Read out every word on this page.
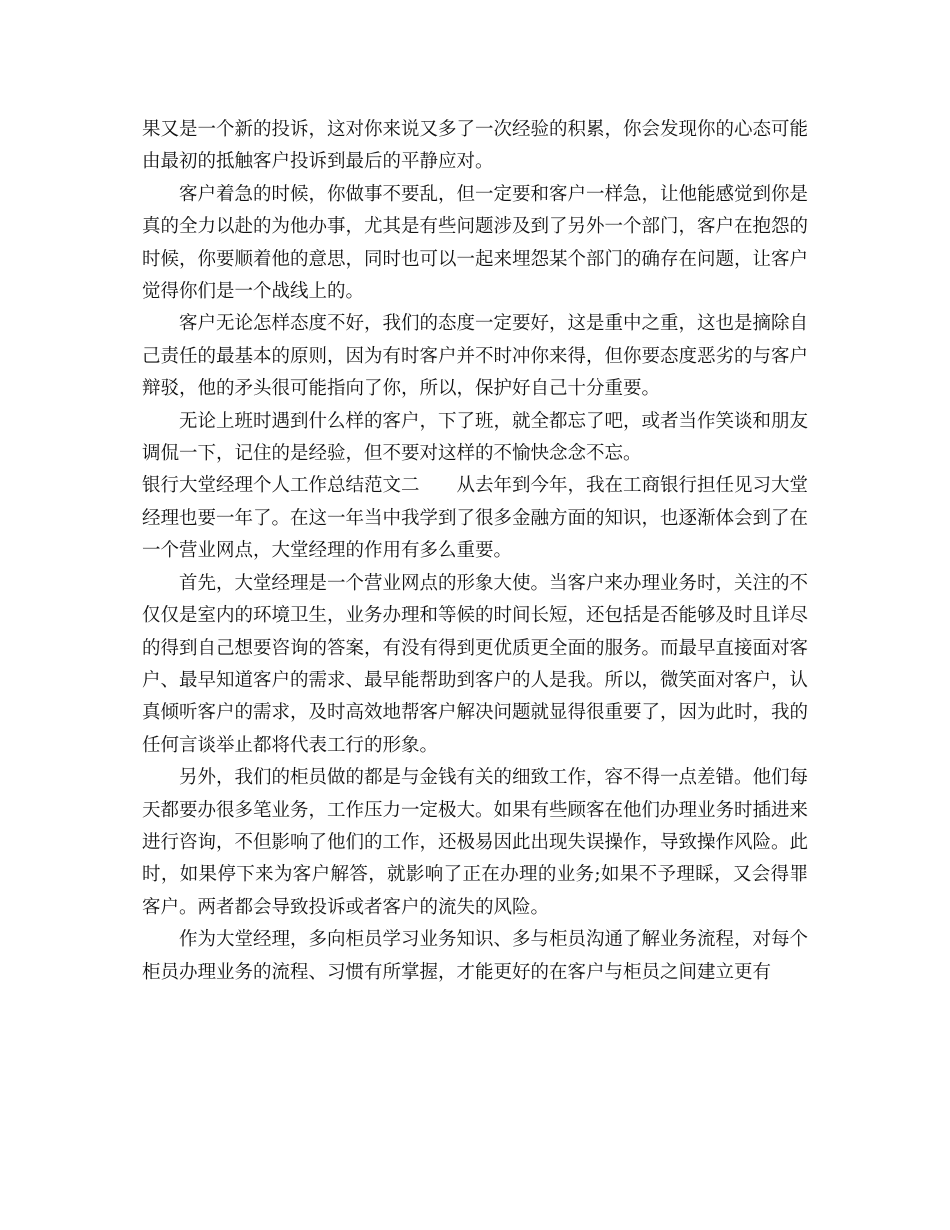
果又是一个新的投诉，这对你来说又多了一次经验的积累，你会发现你的心态可能由最初的抵触客户投诉到最后的平静应对。

客户着急的时候，你做事不要乱，但一定要和客户一样急，让他能感觉到你是真的全力以赴的为他办事，尤其是有些问题涉及到了另外一个部门，客户在抱怨的时候，你要顺着他的意思，同时也可以一起来埋怨某个部门的确存在问题，让客户觉得你们是一个战线上的。

客户无论怎样态度不好，我们的态度一定要好，这是重中之重，这也是摘除自己责任的最基本的原则，因为有时客户并不时冲你来得，但你要态度恶劣的与客户辩驳，他的矛头很可能指向了你，所以，保护好自己十分重要。

无论上班时遇到什么样的客户，下了班，就全都忘了吧，或者当作笑谈和朋友调侃一下，记住的是经验，但不要对这样的不愉快念念不忘。

银行大堂经理个人工作总结范文二　　从去年到今年，我在工商银行担任见习大堂经理也要一年了。在这一年当中我学到了很多金融方面的知识，也逐渐体会到了在一个营业网点，大堂经理的作用有多么重要。

首先，大堂经理是一个营业网点的形象大使。当客户来办理业务时，关注的不仅仅是室内的环境卫生，业务办理和等候的时间长短，还包括是否能够及时且详尽的得到自己想要咨询的答案，有没有得到更优质更全面的服务。而最早直接面对客户、最早知道客户的需求、最早能帮助到客户的人是我。所以，微笑面对客户，认真倾听客户的需求，及时高效地帮客户解决问题就显得很重要了，因为此时，我的任何言谈举止都将代表工行的形象。

另外，我们的柜员做的都是与金钱有关的细致工作，容不得一点差错。他们每天都要办很多笔业务，工作压力一定极大。如果有些顾客在他们办理业务时插进来进行咨询，不但影响了他们的工作，还极易因此出现失误操作，导致操作风险。此时，如果停下来为客户解答，就影响了正在办理的业务;如果不予理睬，又会得罪客户。两者都会导致投诉或者客户的流失的风险。

作为大堂经理，多向柜员学习业务知识、多与柜员沟通了解业务流程，对每个柜员办理业务的流程、习惯有所掌握，才能更好的在客户与柜员之间建立更有
